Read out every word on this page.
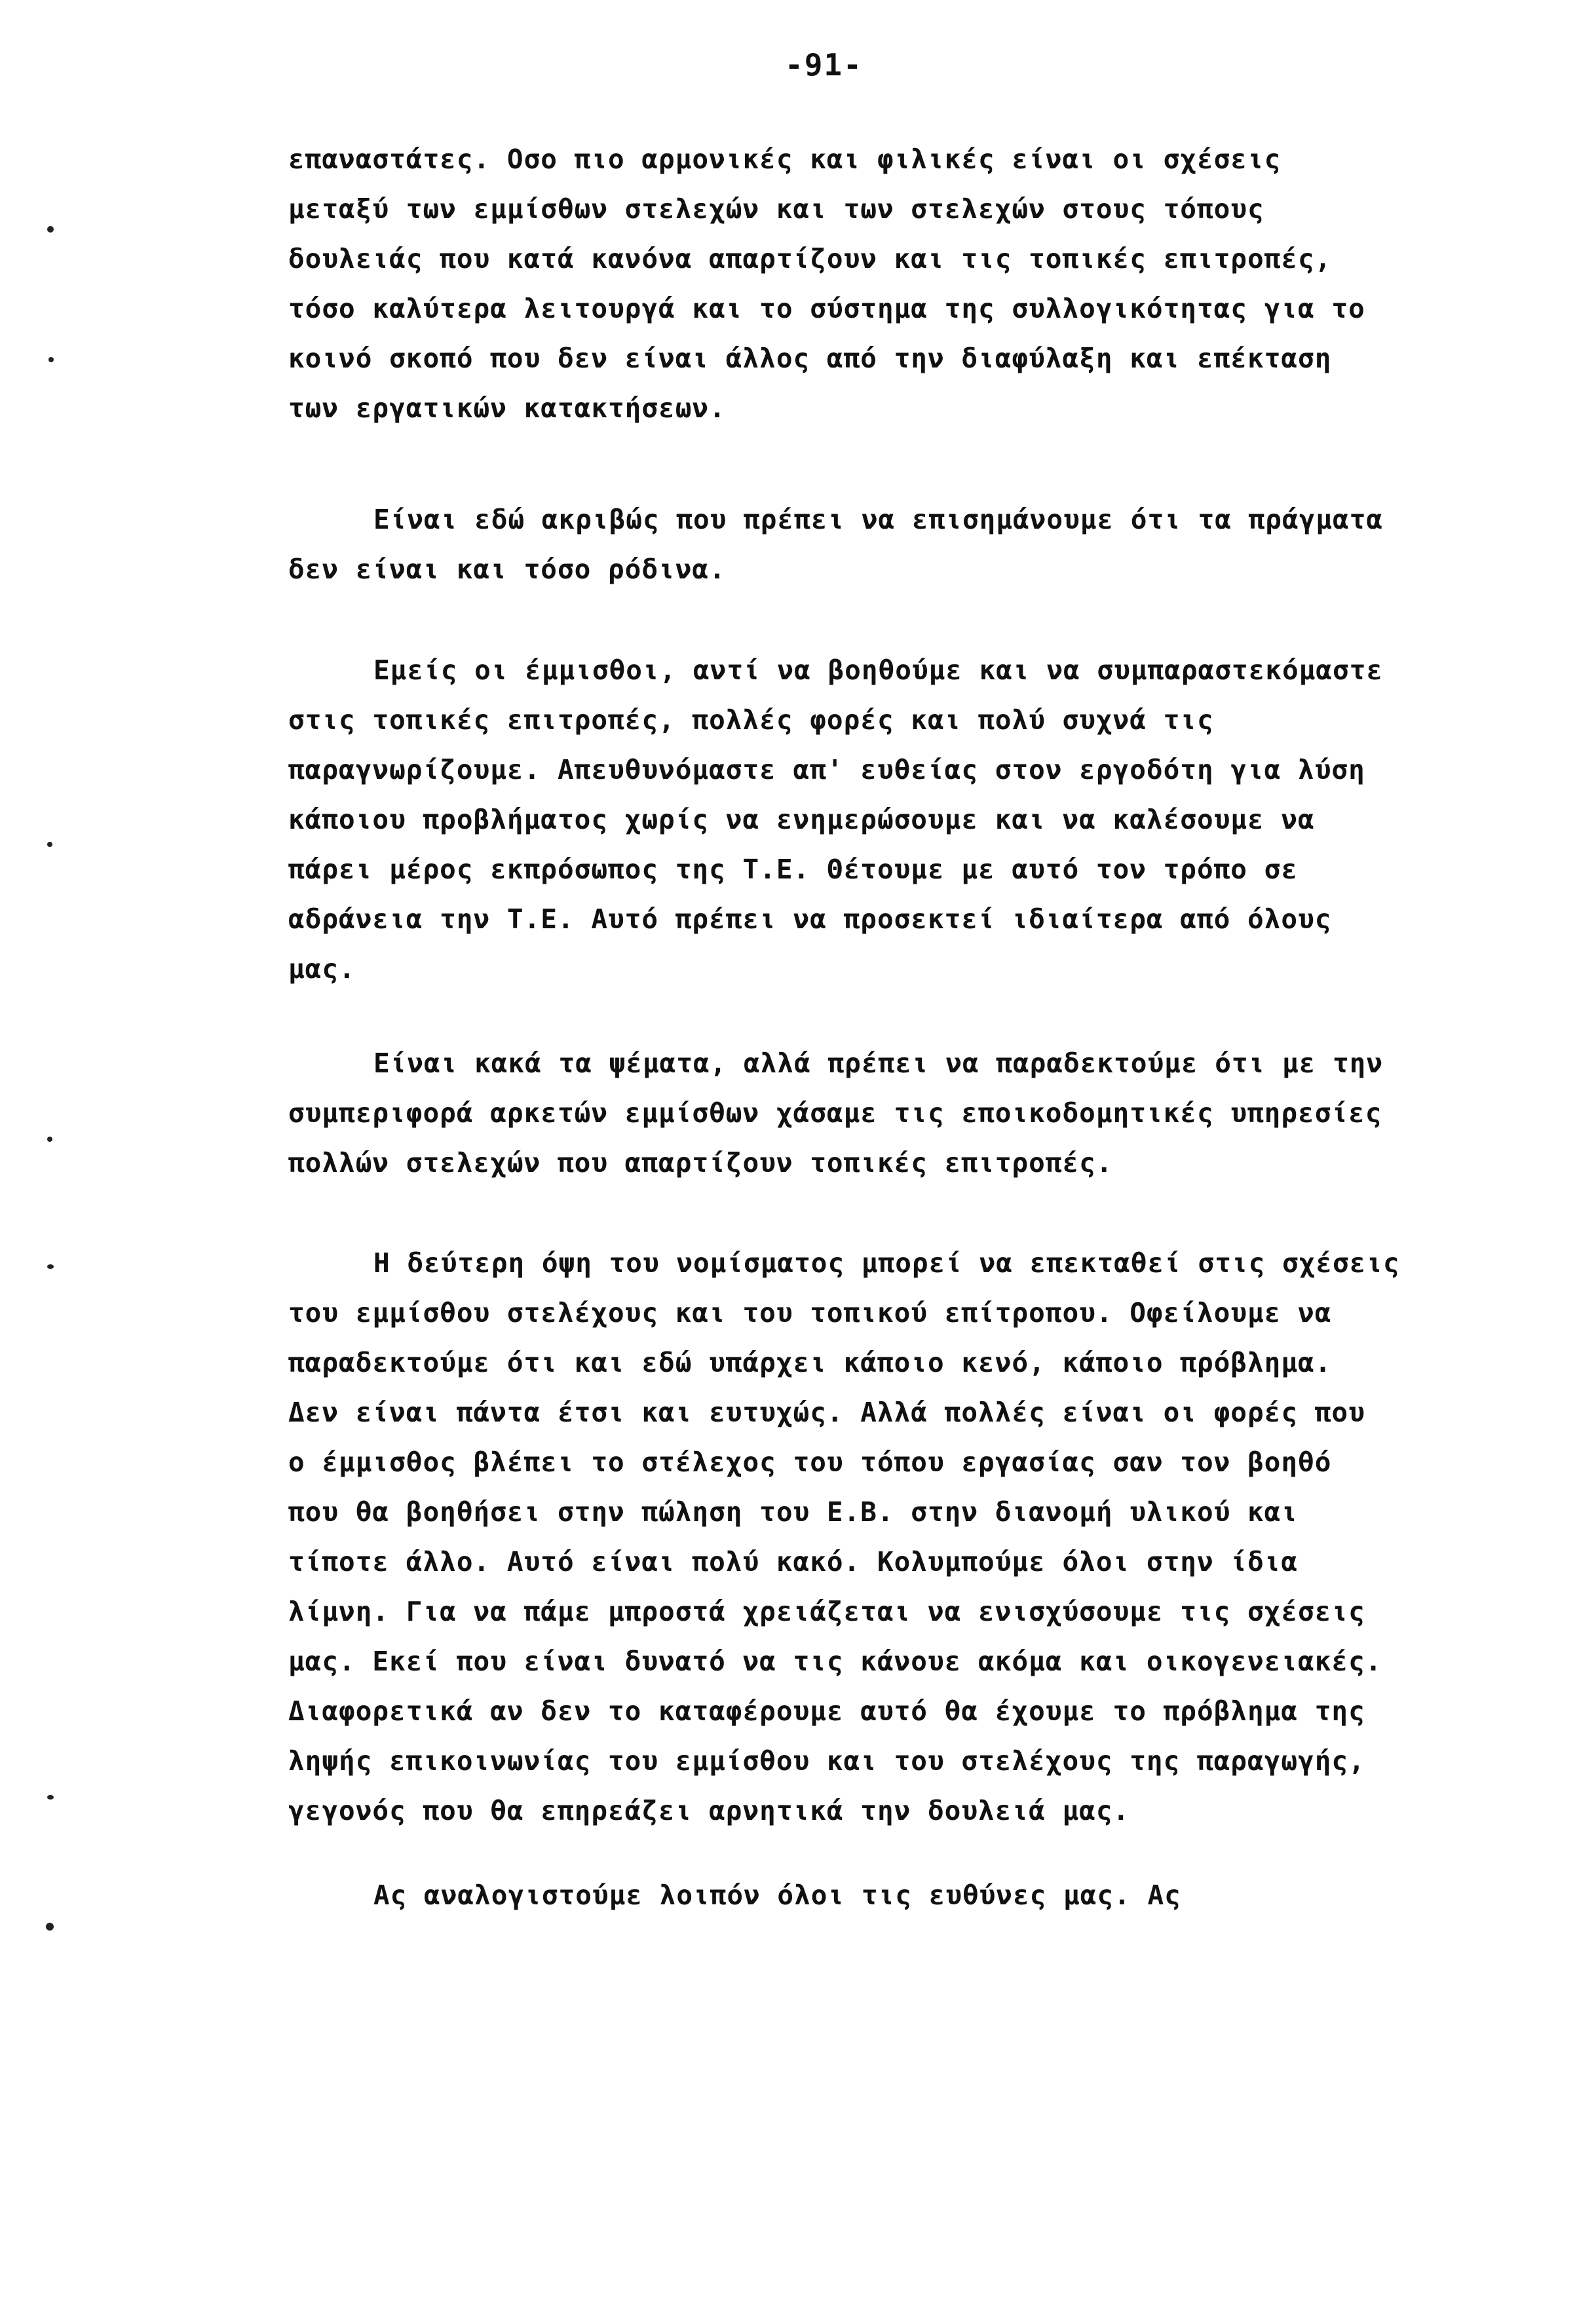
-91-
επαναστάτες. Οσο πιο αρμονικές και φιλικές είναι οι σχέσεις
μεταξύ των εμμίσθων στελεχών και των στελεχών στους τόπους
δουλειάς που κατά κανόνα απαρτίζουν και τις τοπικές επιτροπές,
τόσο καλύτερα λειτουργά και το σύστημα της συλλογικότητας για το
κοινό σκοπό που δεν είναι άλλος από την διαφύλαξη και επέκταση
των εργατικών κατακτήσεων.
Είναι εδώ ακριβώς που πρέπει να επισημάνουμε ότι τα πράγματα
δεν είναι και τόσο ρόδινα.
Εμείς οι έμμισθοι, αντί να βοηθούμε και να συμπαραστεκόμαστε
στις τοπικές επιτροπές, πολλές φορές και πολύ συχνά τις
παραγνωρίζουμε. Απευθυνόμαστε απ' ευθείας στον εργοδότη για λύση
κάποιου προβλήματος χωρίς να ενημερώσουμε και να καλέσουμε να
πάρει μέρος εκπρόσωπος της Τ.Ε. Θέτουμε με αυτό τον τρόπο σε
αδράνεια την Τ.Ε. Αυτό πρέπει να προσεκτεί ιδιαίτερα από όλους
μας.
Είναι κακά τα ψέματα, αλλά πρέπει να παραδεκτούμε ότι με την
συμπεριφορά αρκετών εμμίσθων χάσαμε τις εποικοδομητικές υπηρεσίες
πολλών στελεχών που απαρτίζουν τοπικές επιτροπές.
Η δεύτερη όψη του νομίσματος μπορεί να επεκταθεί στις σχέσεις
του εμμίσθου στελέχους και του τοπικού επίτροπου. Οφείλουμε να
παραδεκτούμε ότι και εδώ υπάρχει κάποιο κενό, κάποιο πρόβλημα.
Δεν είναι πάντα έτσι και ευτυχώς. Αλλά πολλές είναι οι φορές που
ο έμμισθος βλέπει το στέλεχος του τόπου εργασίας σαν τον βοηθό
που θα βοηθήσει στην πώληση του Ε.Β. στην διανομή υλικού και
τίποτε άλλο. Αυτό είναι πολύ κακό. Κολυμπούμε όλοι στην ίδια
λίμνη. Για να πάμε μπροστά χρειάζεται να ενισχύσουμε τις σχέσεις
μας. Εκεί που είναι δυνατό να τις κάνουε ακόμα και οικογενειακές.
Διαφορετικά αν δεν το καταφέρουμε αυτό θα έχουμε το πρόβλημα της
ληψής επικοινωνίας του εμμίσθου και του στελέχους της παραγωγής,
γεγονός που θα επηρεάζει αρνητικά την δουλειά μας.
Ας αναλογιστούμε λοιπόν όλοι τις ευθύνες μας. Ας
